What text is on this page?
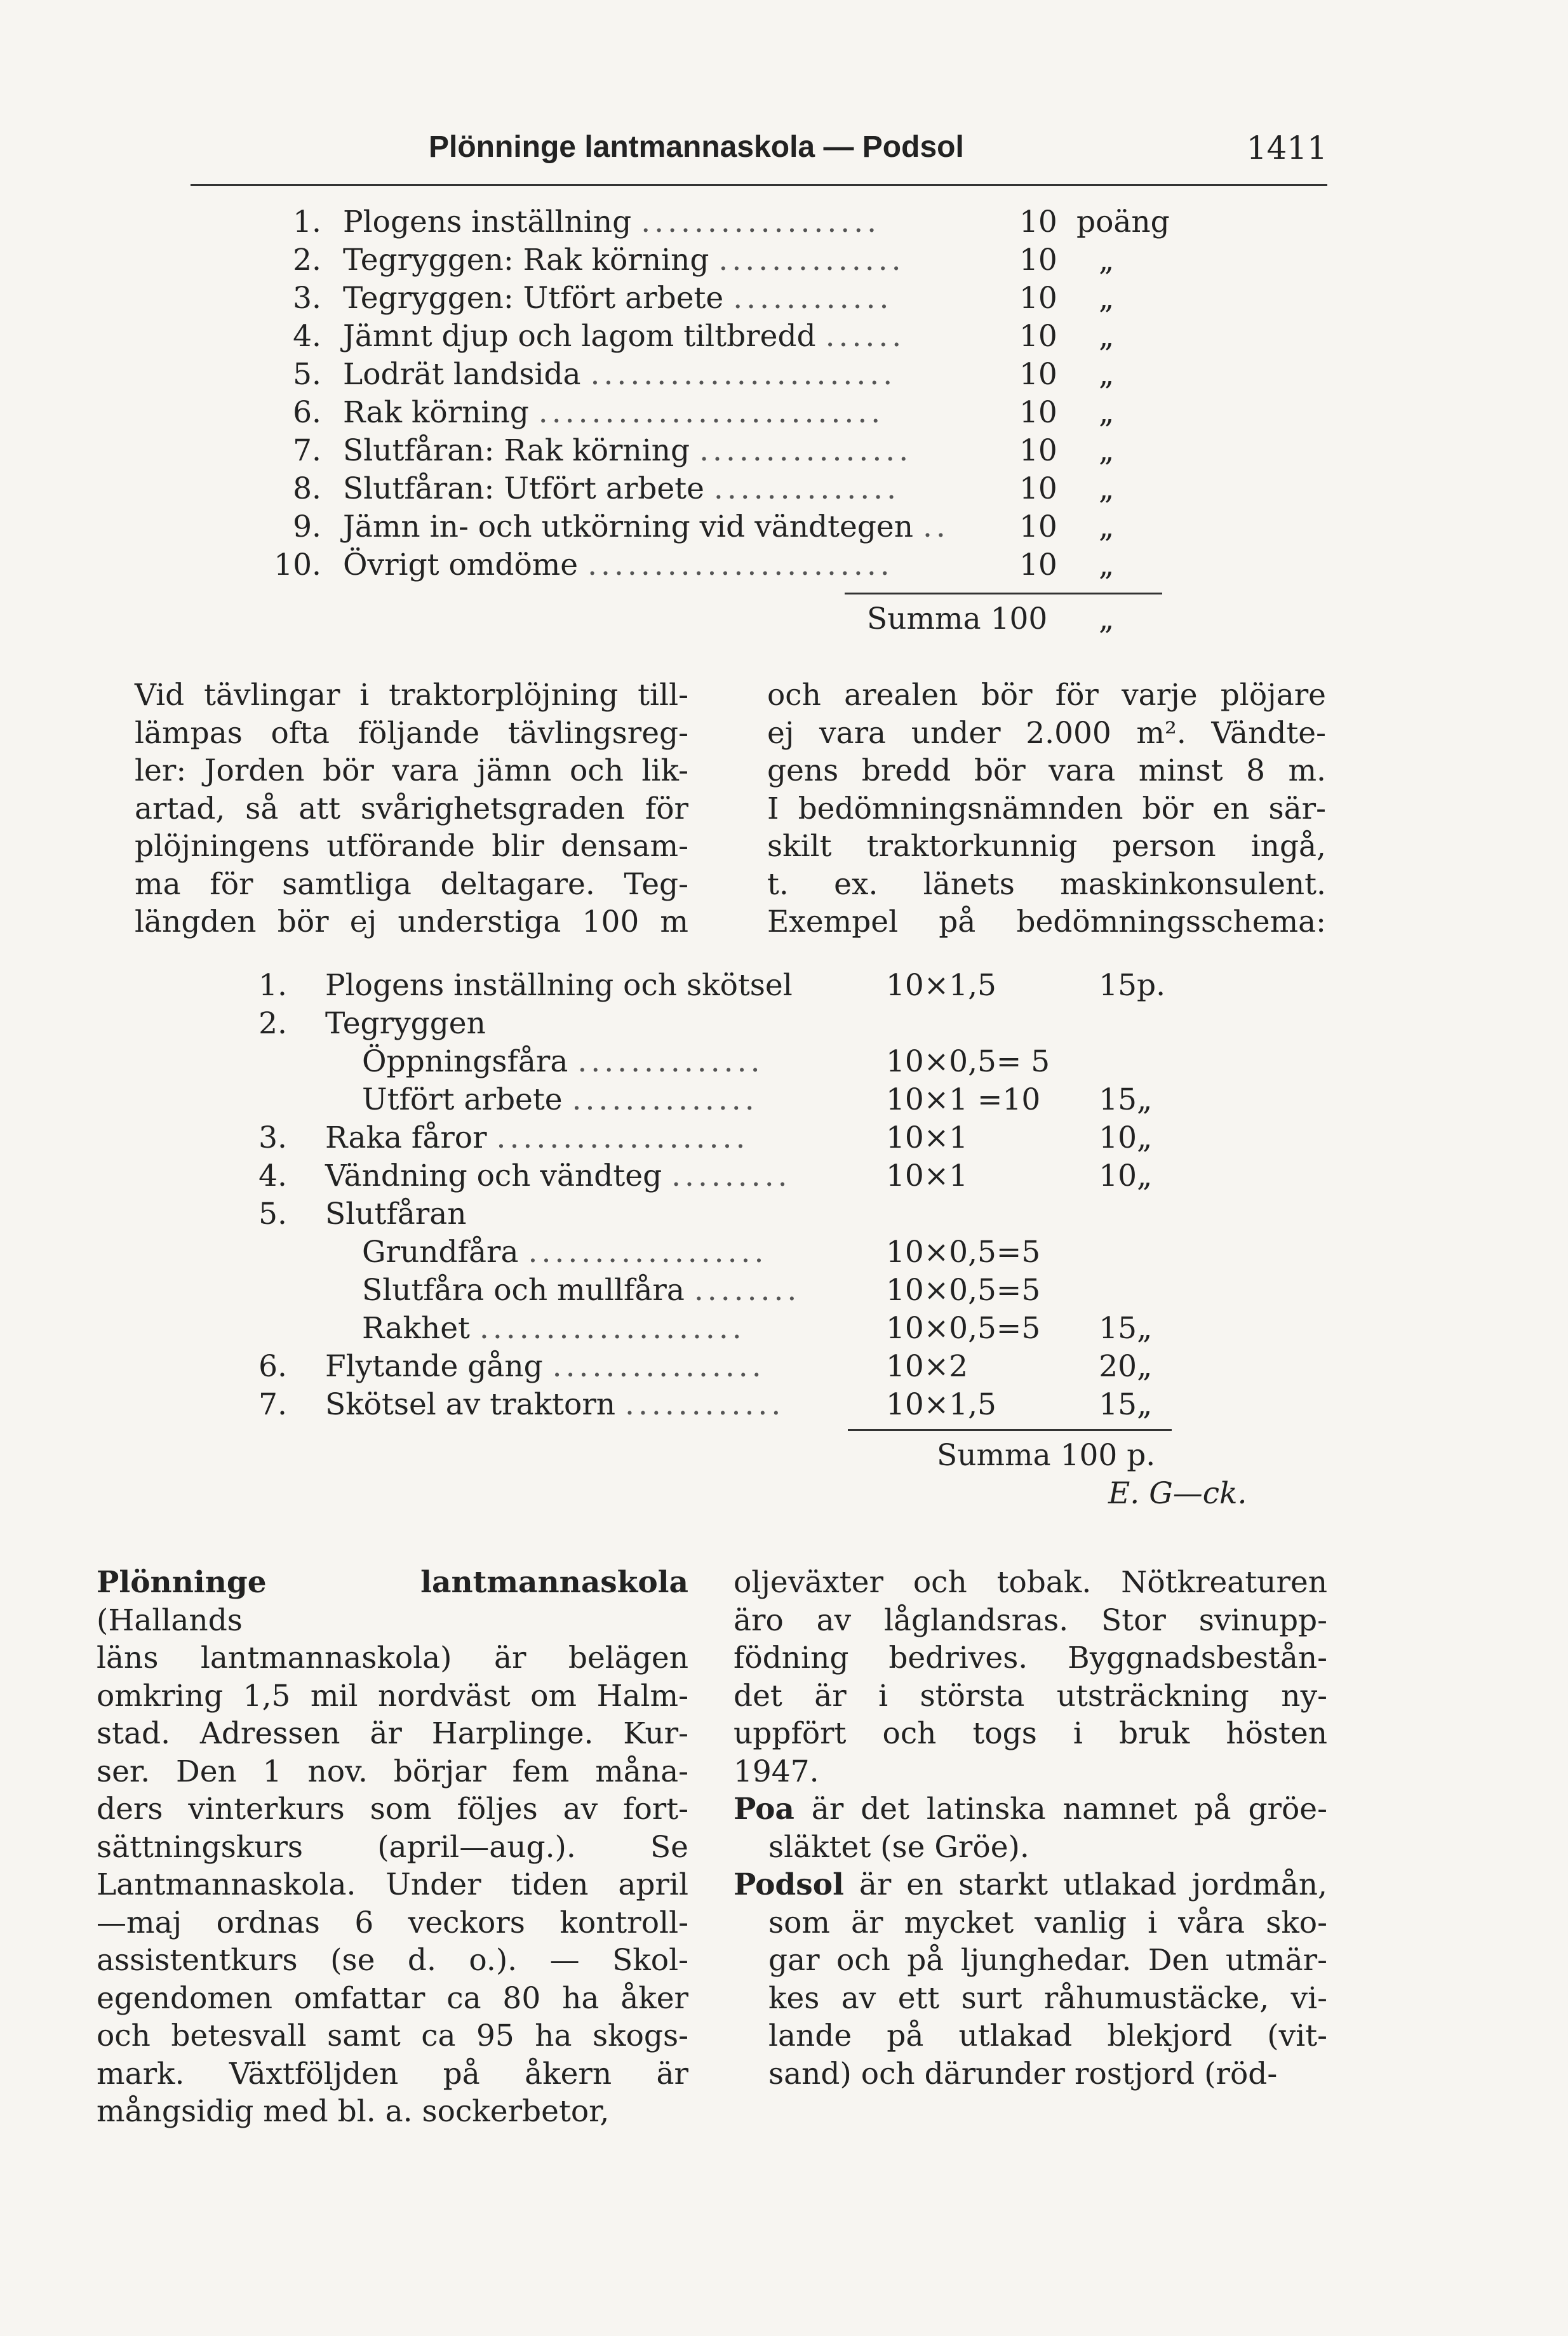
Plönninge lantmannaskola — Podsol	1411
1. Plogens inställning ..................	10 poäng
2. Tegryggen: Rak körning ..............	10 „
3. Tegryggen: Utfört arbete ............	10 „
4. Jämnt djup och lagom tiltbredd ......	10 „
5. Lodrät landsida .......................	10 „
6. Rak körning ..........................	10 „
7. Slutfåran: Rak körning ................	10 „
8. Slutfåran: Utfört arbete ..............	10 „
9. Jämn in- och utkörning vid vändtegen .. 10 „
10. Övrigt omdöme .......................	10 „
Summa 100 „

Vid tävlingar i traktorplöjning till-

lämpas ofta följande tävlingsreg-

ler: Jorden bör vara jämn och lik-

artad, så att svårighetsgraden för

plöjningens utförande blir densam-

ma för samtliga deltagare. Teg-

längden bör ej understiga 100 m

och arealen bör för varje plöjare

ej vara under 2.000 m². Vändte-

gens bredd bör vara minst 8 m.

I bedömningsnämnden bör en sär-

skilt traktorkunnig person ingå,

t. ex. länets maskinkonsulent.

Exempel på bedömningsschema:

1. Plogens inställning och skötsel	10×1,5	15 p.
2. Tegryggen
Öppningsfåra ..............	10×0,5= 5
Utfört arbete ..............	10×1 =10	15 „
3. Raka fåror ...................	10×1	10 „
4. Vändning och vändteg .........	10×1	10 „
5. Slutfåran
Grundfåra ..................	10×0,5=5
Slutfåra och mullfåra ........	10×0,5=5
Rakhet ....................	10×0,5=5	15 „
6. Flytande gång ................	10×2	20 „
7. Skötsel av traktorn ............	10×1,5	15 „
Summa 100 p.
E. G—ck.

Plönninge lantmannaskola (Hallands

läns lantmannaskola) är belägen

omkring 1,5 mil nordväst om Halm-

stad. Adressen är Harplinge. Kur-

ser. Den 1 nov. börjar fem måna-

ders vinterkurs som följes av fort-

sättningskurs (april—aug.). Se

Lantmannaskola. Under tiden april

—maj ordnas 6 veckors kontroll-

assistentkurs (se d. o.). — Skol-

egendomen omfattar ca 80 ha åker

och betesvall samt ca 95 ha skogs-

mark. Växtföljden på åkern är

mångsidig med bl. a. sockerbetor,

oljeväxter och tobak. Nötkreaturen

äro av låglandsras. Stor svinupp-

födning bedrives. Byggnadsbestån-

det är i största utsträckning ny-

uppfört och togs i bruk hösten

1947.

Poa är det latinska namnet på gröe-

släktet (se Gröe).

Podsol är en starkt utlakad jordmån,

som är mycket vanlig i våra sko-

gar och på ljunghedar. Den utmär-

kes av ett surt råhumustäcke, vi-

lande på utlakad blekjord (vit-

sand) och därunder rostjord (röd-
